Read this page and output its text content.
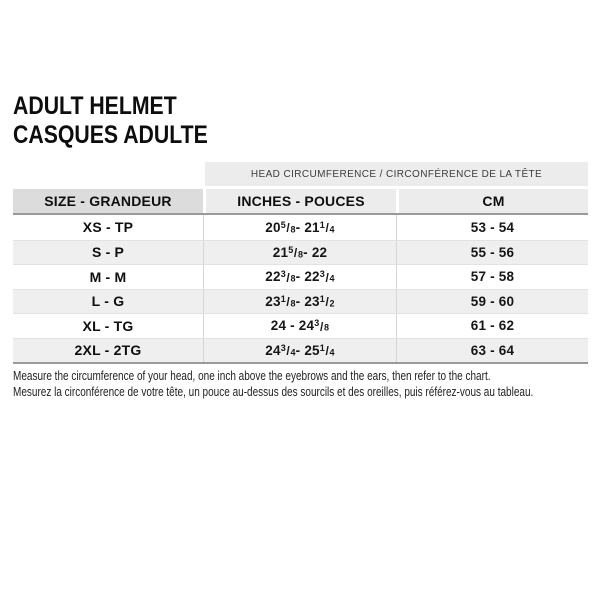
ADULT HELMET
CASQUES ADULTE
HEAD CIRCUMFERENCE / CIRCONFÉRENCE DE LA TÊTE
SIZE - GRANDEUR	INCHES - POUCES	CM
XS - TP	20 $^5$/8 - 21 $^1$/4	53 - 54
S - P	21 $^5$/8 - 22	55 - 56
M - M	22 $^3$/8 - 22 $^3$/4	57 - 58
L - G	23 $^1$/8 - 23 $^1$/2	59 - 60
XL - TG	24 - 24 $^3$/8	61 - 62
2XL - 2TG	24 $^3$/4 - 25 $^1$/4	63 - 64

Measure the circumference of your head, one inch above the eyebrows and the ears, then refer to the chart.
Mesurez la circonférence de votre tête, un pouce au-dessus des sourcils et des oreilles, puis référez-vous au tableau.
